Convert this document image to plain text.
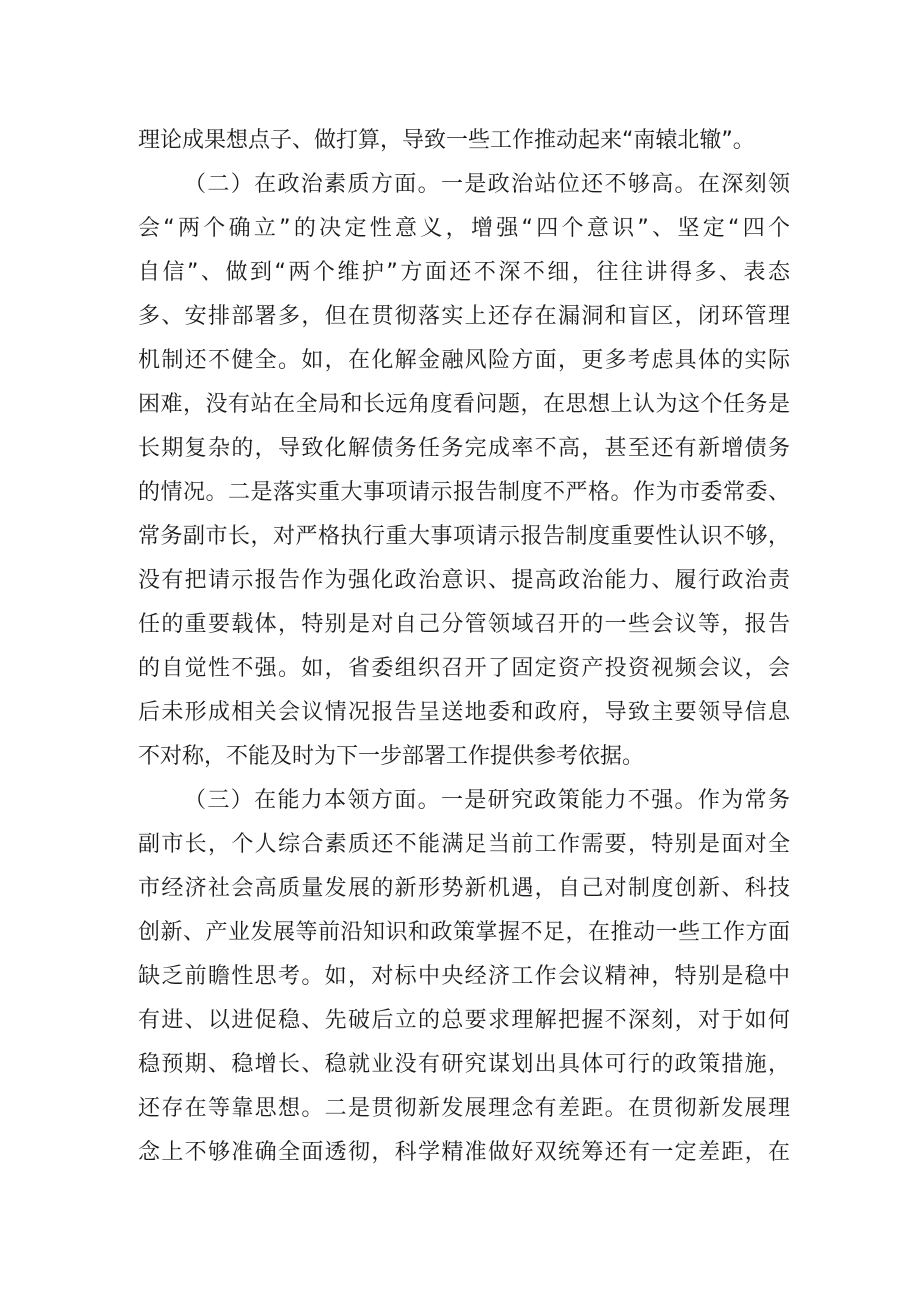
理论成果想点子、做打算，导致一些工作推动起来“南辕北辙”。
（二）在政治素质方面。一是政治站位还不够高。在深刻领
会“两个确立”的决定性意义，增强“四个意识”、坚定“四个
自信”、做到“两个维护”方面还不深不细，往往讲得多、表态
多、安排部署多，但在贯彻落实上还存在漏洞和盲区，闭环管理
机制还不健全。如，在化解金融风险方面，更多考虑具体的实际
困难，没有站在全局和长远角度看问题，在思想上认为这个任务是
长期复杂的，导致化解债务任务完成率不高，甚至还有新增债务
的情况。二是落实重大事项请示报告制度不严格。作为市委常委、
常务副市长，对严格执行重大事项请示报告制度重要性认识不够，
没有把请示报告作为强化政治意识、提高政治能力、履行政治责
任的重要载体，特别是对自己分管领域召开的一些会议等，报告
的自觉性不强。如，省委组织召开了固定资产投资视频会议，会
后未形成相关会议情况报告呈送地委和政府，导致主要领导信息
不对称，不能及时为下一步部署工作提供参考依据。
（三）在能力本领方面。一是研究政策能力不强。作为常务
副市长，个人综合素质还不能满足当前工作需要，特别是面对全
市经济社会高质量发展的新形势新机遇，自己对制度创新、科技
创新、产业发展等前沿知识和政策掌握不足，在推动一些工作方面
缺乏前瞻性思考。如，对标中央经济工作会议精神，特别是稳中
有进、以进促稳、先破后立的总要求理解把握不深刻，对于如何
稳预期、稳增长、稳就业没有研究谋划出具体可行的政策措施，
还存在等靠思想。二是贯彻新发展理念有差距。在贯彻新发展理
念上不够准确全面透彻，科学精准做好双统筹还有一定差距，在
